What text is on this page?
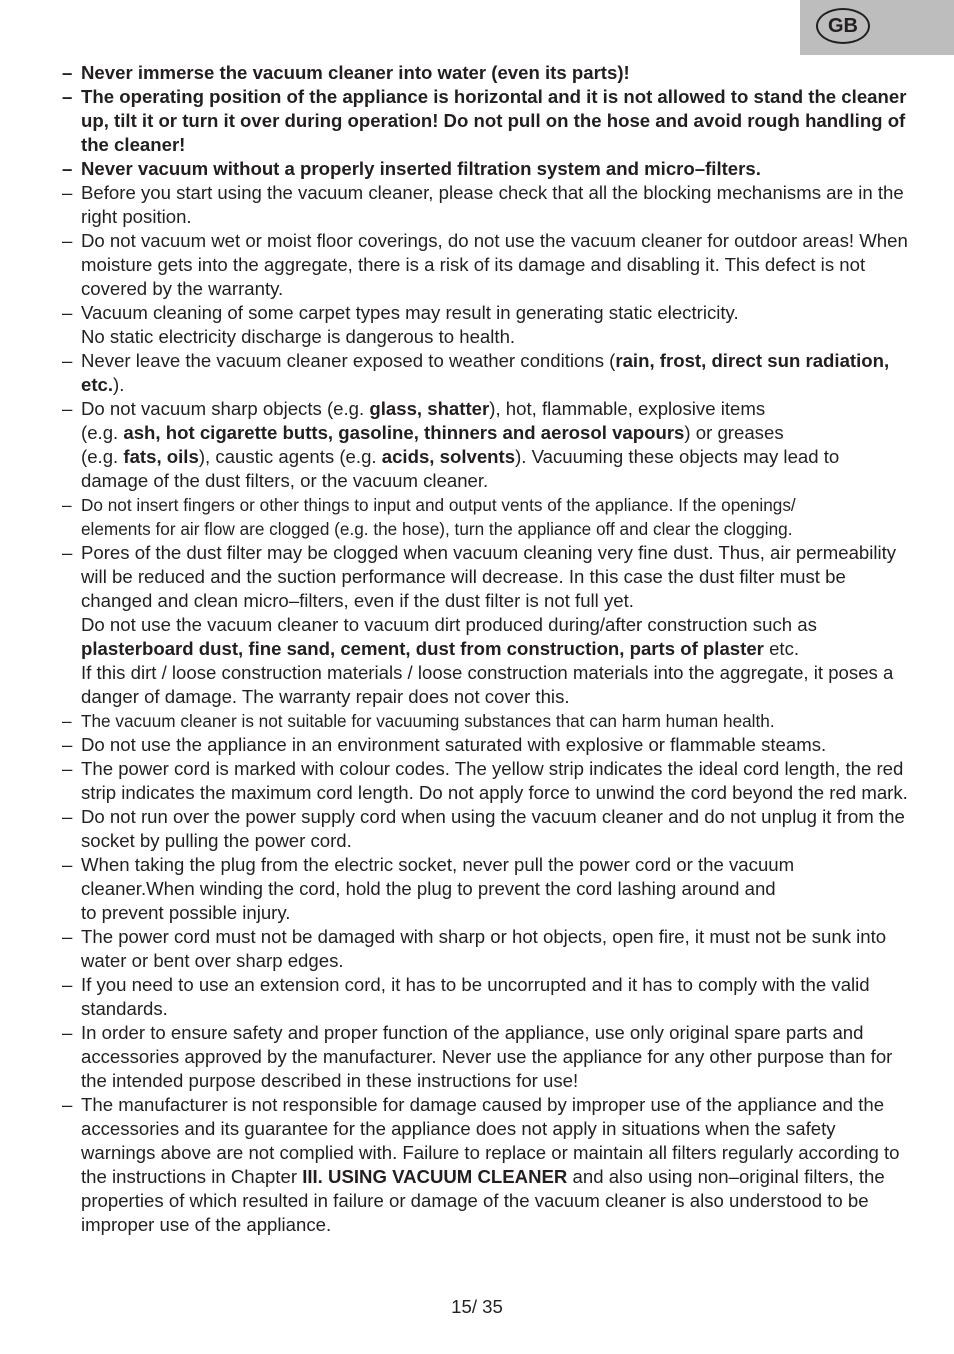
GB

– Never immerse the vacuum cleaner into water (even its parts)!

– The operating position of the appliance is horizontal and it is not allowed to stand the cleaner up, tilt it or turn it over during operation! Do not pull on the hose and avoid rough handling of the cleaner!

– Never vacuum without a properly inserted filtration system and micro–filters.

– Before you start using the vacuum cleaner, please check that all the blocking mechanisms are in the right position.

– Do not vacuum wet or moist floor coverings, do not use the vacuum cleaner for outdoor areas! When moisture gets into the aggregate, there is a risk of its damage and disabling it. This defect is not covered by the warranty.

– Vacuum cleaning of some carpet types may result in generating static electricity.
No static electricity discharge is dangerous to health.

– Never leave the vacuum cleaner exposed to weather conditions (rain, frost, direct sun radiation, etc.).

– Do not vacuum sharp objects (e.g. glass, shatter), hot, flammable, explosive items
(e.g. ash, hot cigarette butts, gasoline, thinners and aerosol vapours) or greases
(e.g. fats, oils), caustic agents (e.g. acids, solvents). Vacuuming these objects may lead to damage of the dust filters, or the vacuum cleaner.

– Do not insert fingers or other things to input and output vents of the appliance. If the openings/
elements for air flow are clogged (e.g. the hose), turn the appliance off and clear the clogging.

– Pores of the dust filter may be clogged when vacuum cleaning very fine dust. Thus, air permeability will be reduced and the suction performance will decrease. In this case the dust filter must be changed and clean micro–filters, even if the dust filter is not full yet.
Do not use the vacuum cleaner to vacuum dirt produced during/after construction such as plasterboard dust, fine sand, cement, dust from construction, parts of plaster etc.
If this dirt / loose construction materials / loose construction materials into the aggregate, it poses a danger of damage. The warranty repair does not cover this.

– The vacuum cleaner is not suitable for vacuuming substances that can harm human health.

– Do not use the appliance in an environment saturated with explosive or flammable steams.

– The power cord is marked with colour codes. The yellow strip indicates the ideal cord length, the red strip indicates the maximum cord length. Do not apply force to unwind the cord beyond the red mark.

– Do not run over the power supply cord when using the vacuum cleaner and do not unplug it from the socket by pulling the power cord.

– When taking the plug from the electric socket, never pull the power cord or the vacuum cleaner.When winding the cord, hold the plug to prevent the cord lashing around and
to prevent possible injury.

– The power cord must not be damaged with sharp or hot objects, open fire, it must not be sunk into water or bent over sharp edges.

– If you need to use an extension cord, it has to be uncorrupted and it has to comply with the valid standards.

– In order to ensure safety and proper function of the appliance, use only original spare parts and accessories approved by the manufacturer. Never use the appliance for any other purpose than for the intended purpose described in these instructions for use!

– The manufacturer is not responsible for damage caused by improper use of the appliance and the accessories and its guarantee for the appliance does not apply in situations when the safety warnings above are not complied with. Failure to replace or maintain all filters regularly according to the instructions in Chapter III. USING VACUUM CLEANER and also using non–original filters, the properties of which resulted in failure or damage of the vacuum cleaner is also understood to be improper use of the appliance.

15/ 35
